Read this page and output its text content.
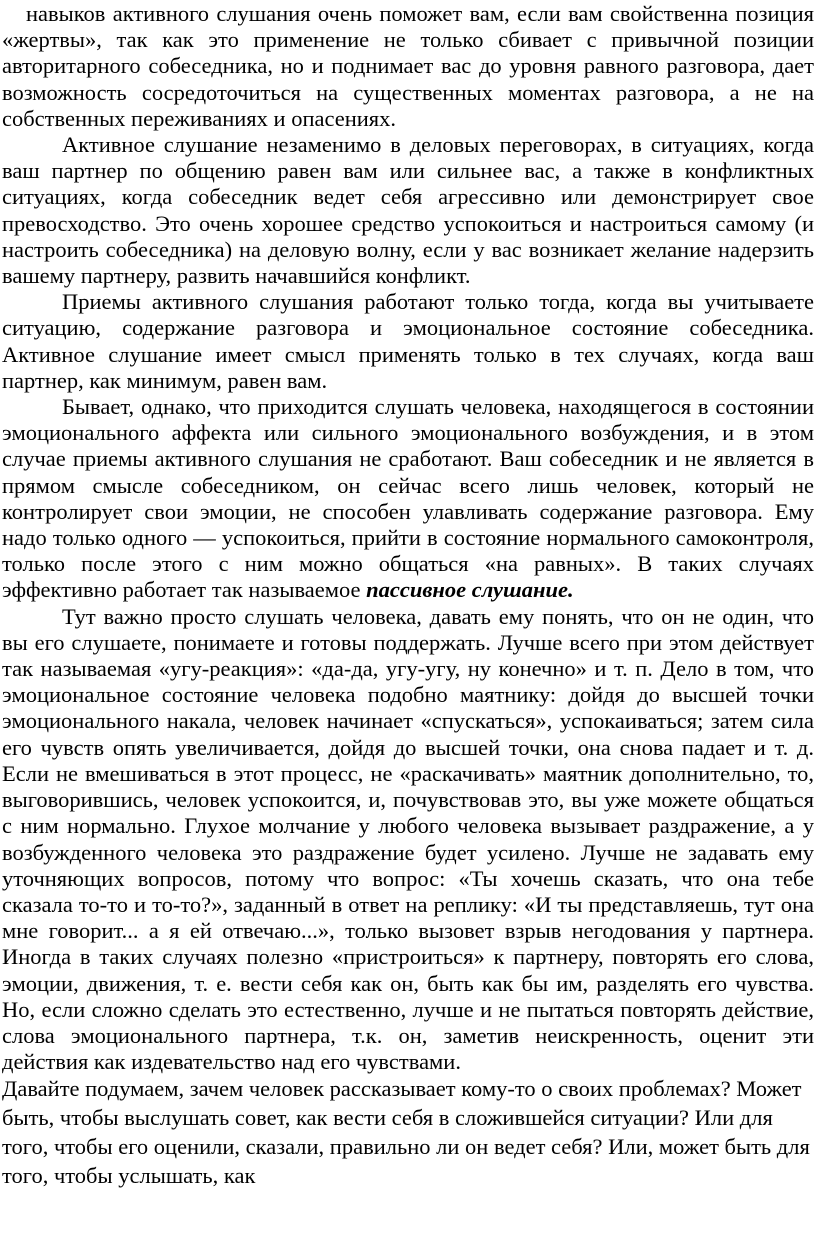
навыков активного слушания очень поможет вам, если вам свойственна позиция «жертвы», так как это применение не только сбивает с привычной позиции авторитарного собеседника, но и поднимает вас до уровня равного разговора, дает возможность сосредоточиться на существенных моментах разговора, а не на собственных переживаниях и опасениях.

Активное слушание незаменимо в деловых переговорах, в ситуациях, когда ваш партнер по общению равен вам или сильнее вас, а также в конфликтных ситуациях, когда собеседник ведет себя агрессивно или демонстрирует свое превосходство. Это очень хорошее средство успокоиться и настроиться самому (и настроить собеседника) на деловую волну, если у вас возникает желание надерзить вашему партнеру, развить начавшийся конфликт.

Приемы активного слушания работают только тогда, когда вы учитываете ситуацию, содержание разговора и эмоциональное состояние собеседника. Активное слушание имеет смысл применять только в тех случаях, когда ваш партнер, как минимум, равен вам.

Бывает, однако, что приходится слушать человека, находящегося в состоянии эмоционального аффекта или сильного эмоционального возбуждения, и в этом случае приемы активного слушания не сработают. Ваш собеседник и не является в прямом смысле собеседником, он сейчас всего лишь человек, который не контролирует свои эмоции, не способен улавливать содержание разговора. Ему надо только одного — успокоиться, прийти в состояние нормального самоконтроля, только после этого с ним можно общаться «на равных». В таких случаях эффективно работает так называемое пассивное слушание.

Тут важно просто слушать человека, давать ему понять, что он не один, что вы его слушаете, понимаете и готовы поддержать. Лучше всего при этом действует так называемая «угу-реакция»: «да-да, угу-угу, ну конечно» и т. п. Дело в том, что эмоциональное состояние человека подобно маятнику: дойдя до высшей точки эмоционального накала, человек начинает «спускаться», успокаиваться; затем сила его чувств опять увеличивается, дойдя до высшей точки, она снова падает и т. д. Если не вмешиваться в этот процесс, не «раскачивать» маятник дополнительно, то, выговорившись, человек успокоится, и, почувствовав это, вы уже можете общаться с ним нормально. Глухое молчание у любого человека вызывает раздражение, а у возбужденного человека это раздражение будет усилено. Лучше не задавать ему уточняющих вопросов, потому что вопрос: «Ты хочешь сказать, что она тебе сказала то-то и то-то?», заданный в ответ на реплику: «И ты представляешь, тут она мне говорит... а я ей отвечаю...», только вызовет взрыв негодования у партнера. Иногда в таких случаях полезно «пристроиться» к партнеру, повторять его слова, эмоции, движения, т. е. вести себя как он, быть как бы им, разделять его чувства. Но, если сложно сделать это естественно, лучше и не пытаться повторять действие, слова эмоционального партнера, т.к. он, заметив неискренность, оценит эти действия как издевательство над его чувствами.

Давайте подумаем, зачем человек рассказывает кому-то о своих проблемах? Может быть, чтобы выслушать совет, как вести себя в сложившейся ситуации? Или для того, чтобы его оценили, сказали, правильно ли он ведет себя? Или, может быть для того, чтобы услышать, как
